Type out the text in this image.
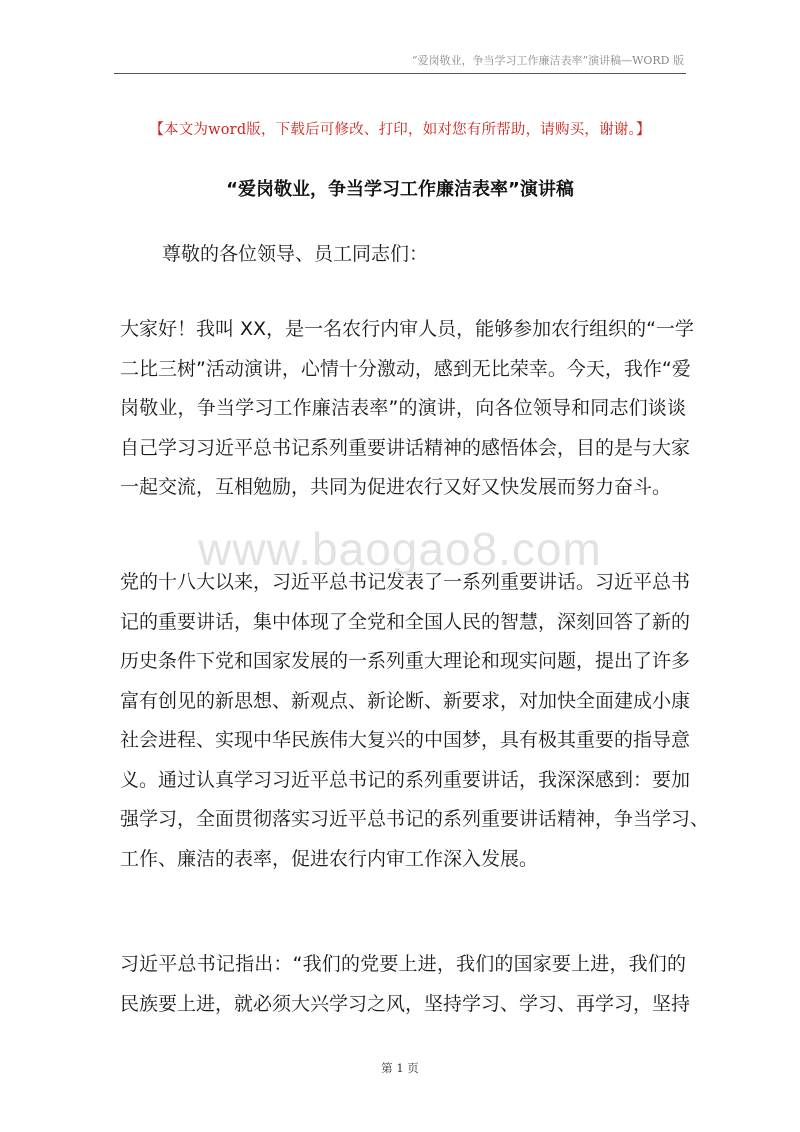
“爱岗敬业，争当学习工作廉洁表率”演讲稿—WORD 版
【本文为word版，下载后可修改、打印，如对您有所帮助，请购买，谢谢。】
“爱岗敬业，争当学习工作廉洁表率”演讲稿
尊敬的各位领导、员工同志们：
大家好！我叫 XX，是一名农行内审人员，能够参加农行组织的“一学
二比三树”活动演讲，心情十分激动，感到无比荣幸。今天，我作“爱
岗敬业，争当学习工作廉洁表率”的演讲，向各位领导和同志们谈谈
自己学习习近平总书记系列重要讲话精神的感悟体会，目的是与大家
一起交流，互相勉励，共同为促进农行又好又快发展而努力奋斗。
www.baogao8.com
党的十八大以来，习近平总书记发表了一系列重要讲话。习近平总书
记的重要讲话，集中体现了全党和全国人民的智慧，深刻回答了新的
历史条件下党和国家发展的一系列重大理论和现实问题，提出了许多
富有创见的新思想、新观点、新论断、新要求，对加快全面建成小康
社会进程、实现中华民族伟大复兴的中国梦，具有极其重要的指导意
义。通过认真学习习近平总书记的系列重要讲话，我深深感到：要加
强学习，全面贯彻落实习近平总书记的系列重要讲话精神，争当学习、
工作、廉洁的表率，促进农行内审工作深入发展。
习近平总书记指出：“我们的党要上进，我们的国家要上进，我们的
民族要上进，就必须大兴学习之风，坚持学习、学习、再学习，坚持
第 1 页
